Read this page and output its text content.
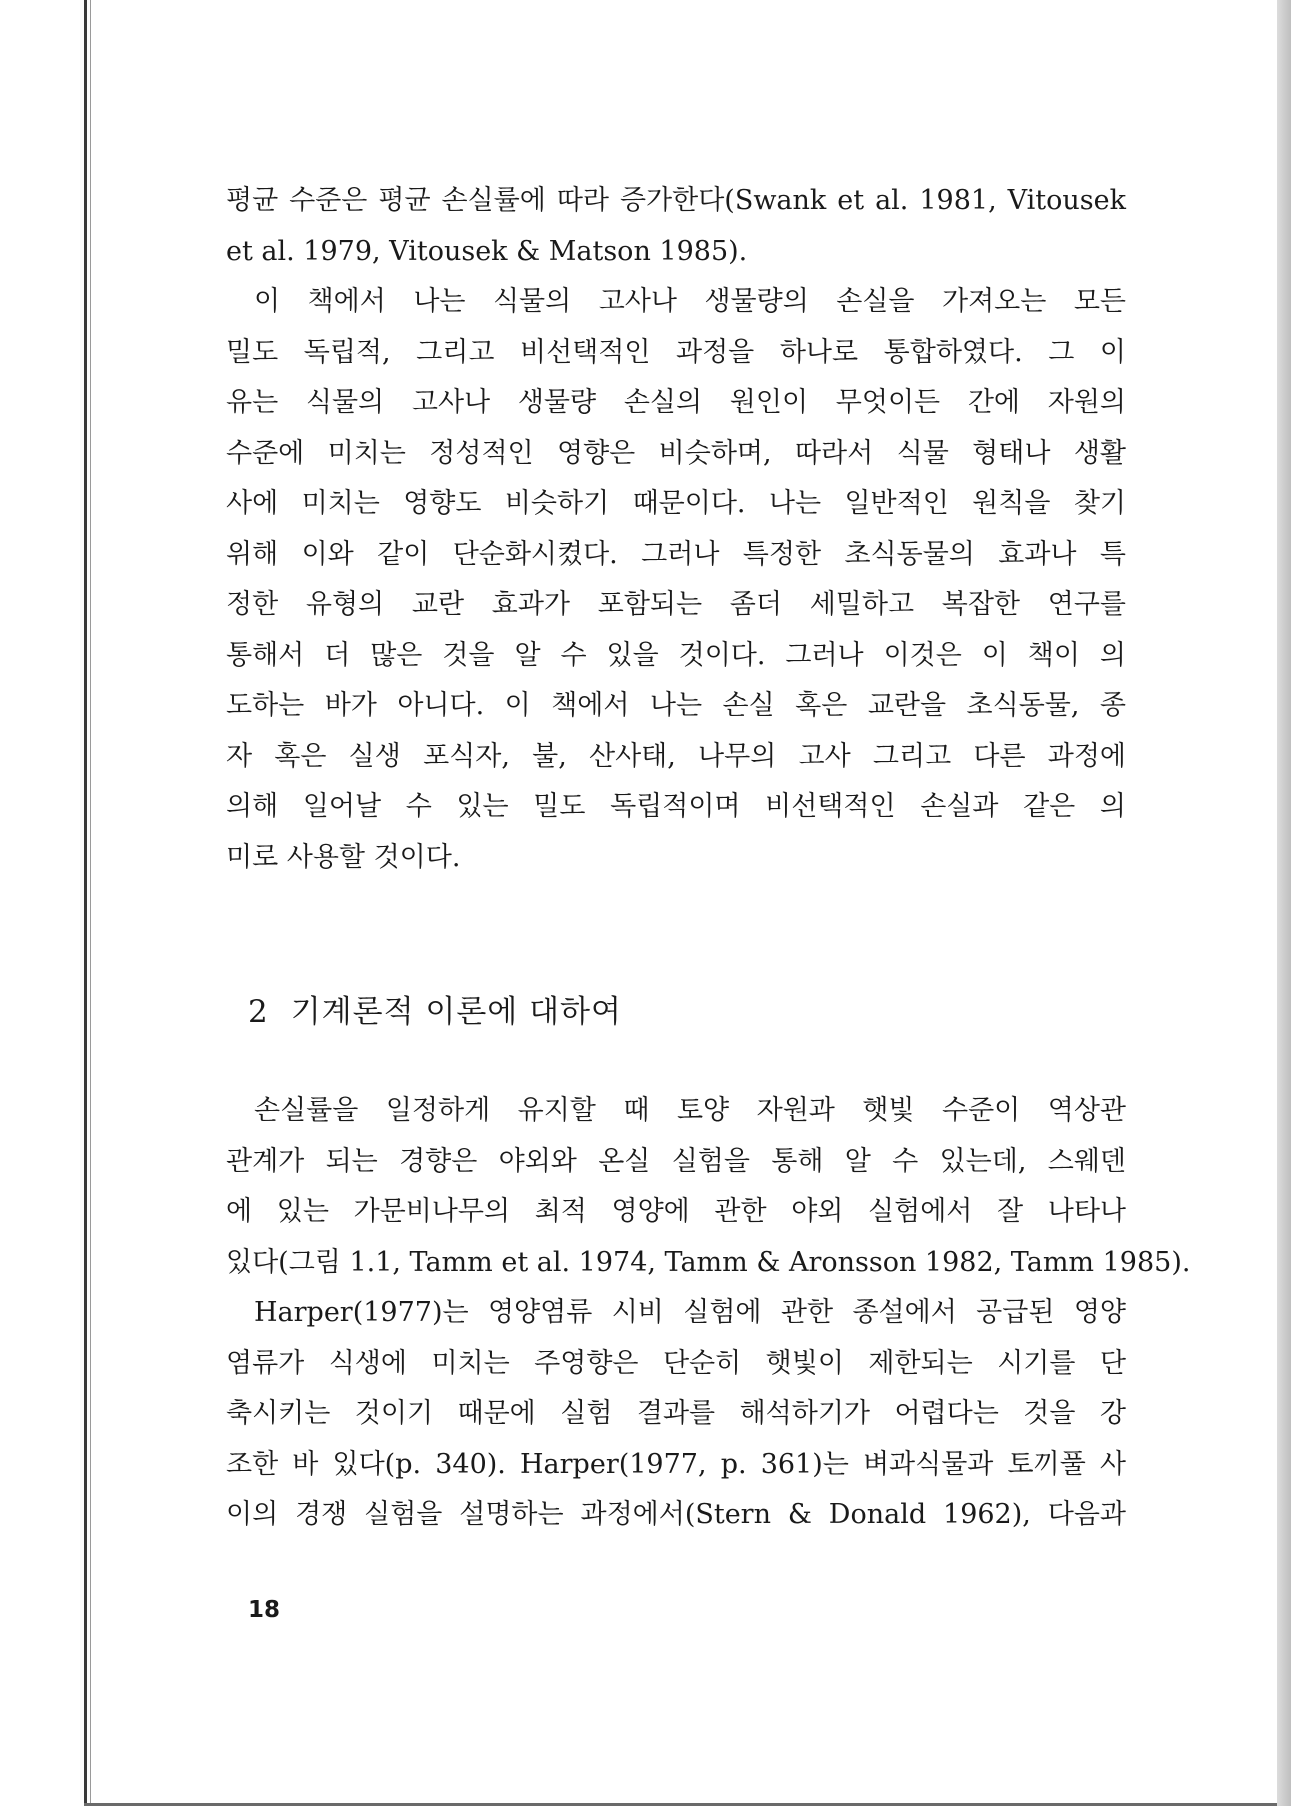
평균 수준은 평균 손실률에 따라 증가한다(Swank et al. 1981, Vitousek
et al. 1979, Vitousek & Matson 1985).

이 책에서 나는 식물의 고사나 생물량의 손실을 가져오는 모든
밀도 독립적, 그리고 비선택적인 과정을 하나로 통합하였다. 그 이
유는 식물의 고사나 생물량 손실의 원인이 무엇이든 간에 자원의
수준에 미치는 정성적인 영향은 비슷하며, 따라서 식물 형태나 생활
사에 미치는 영향도 비슷하기 때문이다. 나는 일반적인 원칙을 찾기
위해 이와 같이 단순화시켰다. 그러나 특정한 초식동물의 효과나 특
정한 유형의 교란 효과가 포함되는 좀더 세밀하고 복잡한 연구를
통해서 더 많은 것을 알 수 있을 것이다. 그러나 이것은 이 책이 의
도하는 바가 아니다. 이 책에서 나는 손실 혹은 교란을 초식동물, 종
자 혹은 실생 포식자, 불, 산사태, 나무의 고사 그리고 다른 과정에
의해 일어날 수 있는 밀도 독립적이며 비선택적인 손실과 같은 의
미로 사용할 것이다.

2 기계론적 이론에 대하여

손실률을 일정하게 유지할 때 토양 자원과 햇빛 수준이 역상관
관계가 되는 경향은 야외와 온실 실험을 통해 알 수 있는데, 스웨덴
에 있는 가문비나무의 최적 영양에 관한 야외 실험에서 잘 나타나
있다(그림 1.1, Tamm et al. 1974, Tamm & Aronsson 1982, Tamm 1985).

Harper(1977)는 영양염류 시비 실험에 관한 종설에서 공급된 영양
염류가 식생에 미치는 주영향은 단순히 햇빛이 제한되는 시기를 단
축시키는 것이기 때문에 실험 결과를 해석하기가 어렵다는 것을 강
조한 바 있다(p. 340). Harper(1977, p. 361)는 벼과식물과 토끼풀 사
이의 경쟁 실험을 설명하는 과정에서(Stern & Donald 1962), 다음과

18
